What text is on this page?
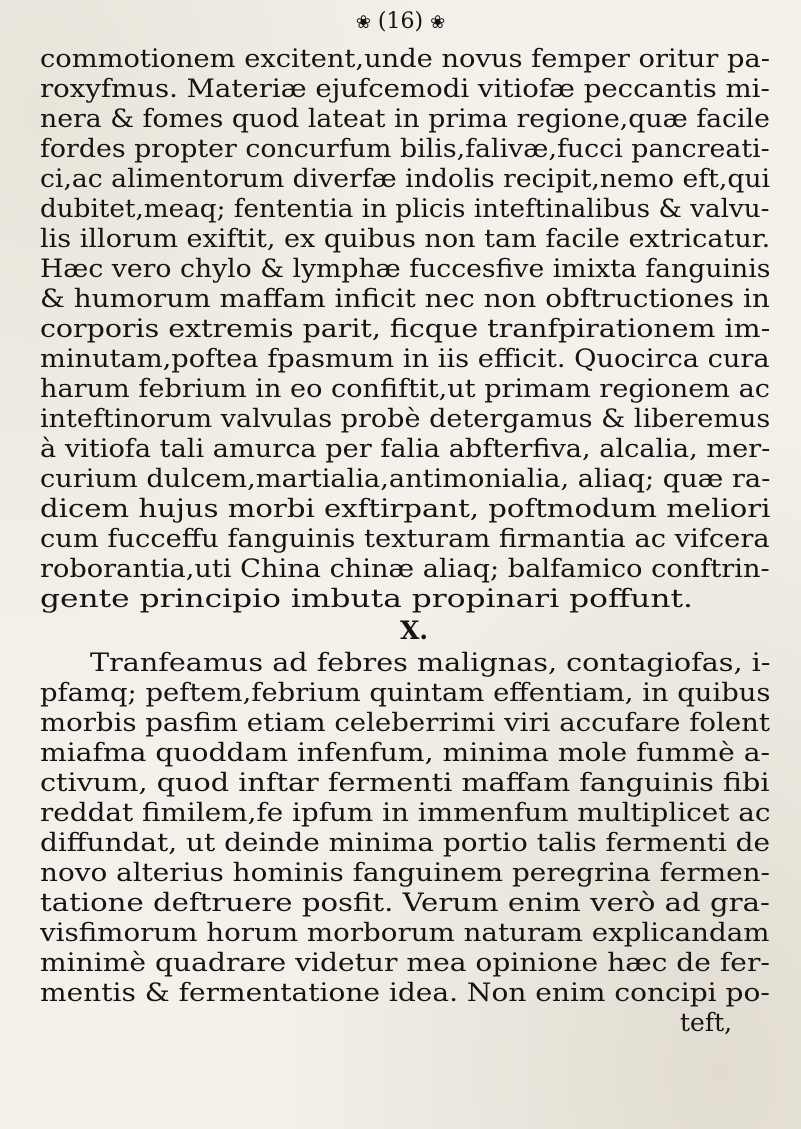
❀ (16) ❀
commotionem excitent,unde novus femper oritur pa-
roxyfmus. Materiæ ejufcemodi vitiofæ peccantis mi-
nera & fomes quod lateat in prima regione,quæ facile
fordes propter concurfum bilis,falivæ,fucci pancreati-
ci,ac alimentorum diverfæ indolis recipit,nemo eft,qui
dubitet,meaq; fententia in plicis inteftinalibus & valvu-
lis illorum exiftit, ex quibus non tam facile extricatur.
Hæc vero chylo & lymphæ fuccesfive imixta fanguinis
& humorum maffam inficit nec non obftructiones in
corporis extremis parit, ficque tranfpirationem im-
minutam,poftea fpasmum in iis efficit. Quocirca cura
harum febrium in eo confiftit,ut primam regionem ac
inteftinorum valvulas probè detergamus & liberemus
à vitiofa tali amurca per falia abfterfiva, alcalia, mer-
curium dulcem,martialia,antimonialia, aliaq; quæ ra-
dicem hujus morbi exftirpant, poftmodum meliori
cum fucceffu fanguinis texturam firmantia ac vifcera
roborantia,uti China chinæ aliaq; balfamico conftrin-
gente principio imbuta propinari poffunt.
X.
Tranfeamus ad febres malignas, contagiofas, i-
pfamq; peftem,febrium quintam effentiam, in quibus
morbis pasfim etiam celeberrimi viri accufare folent
miafma quoddam infenfum, minima mole fummè a-
ctivum, quod inftar fermenti maffam fanguinis fibi
reddat fimilem,fe ipfum in immenfum multiplicet ac
diffundat, ut deinde minima portio talis fermenti de
novo alterius hominis fanguinem peregrina fermen-
tatione deftruere posfit. Verum enim verò ad gra-
visfimorum horum morborum naturam explicandam
minimè quadrare videtur mea opinione hæc de fer-
mentis & fermentatione idea. Non enim concipi po-
teft,
